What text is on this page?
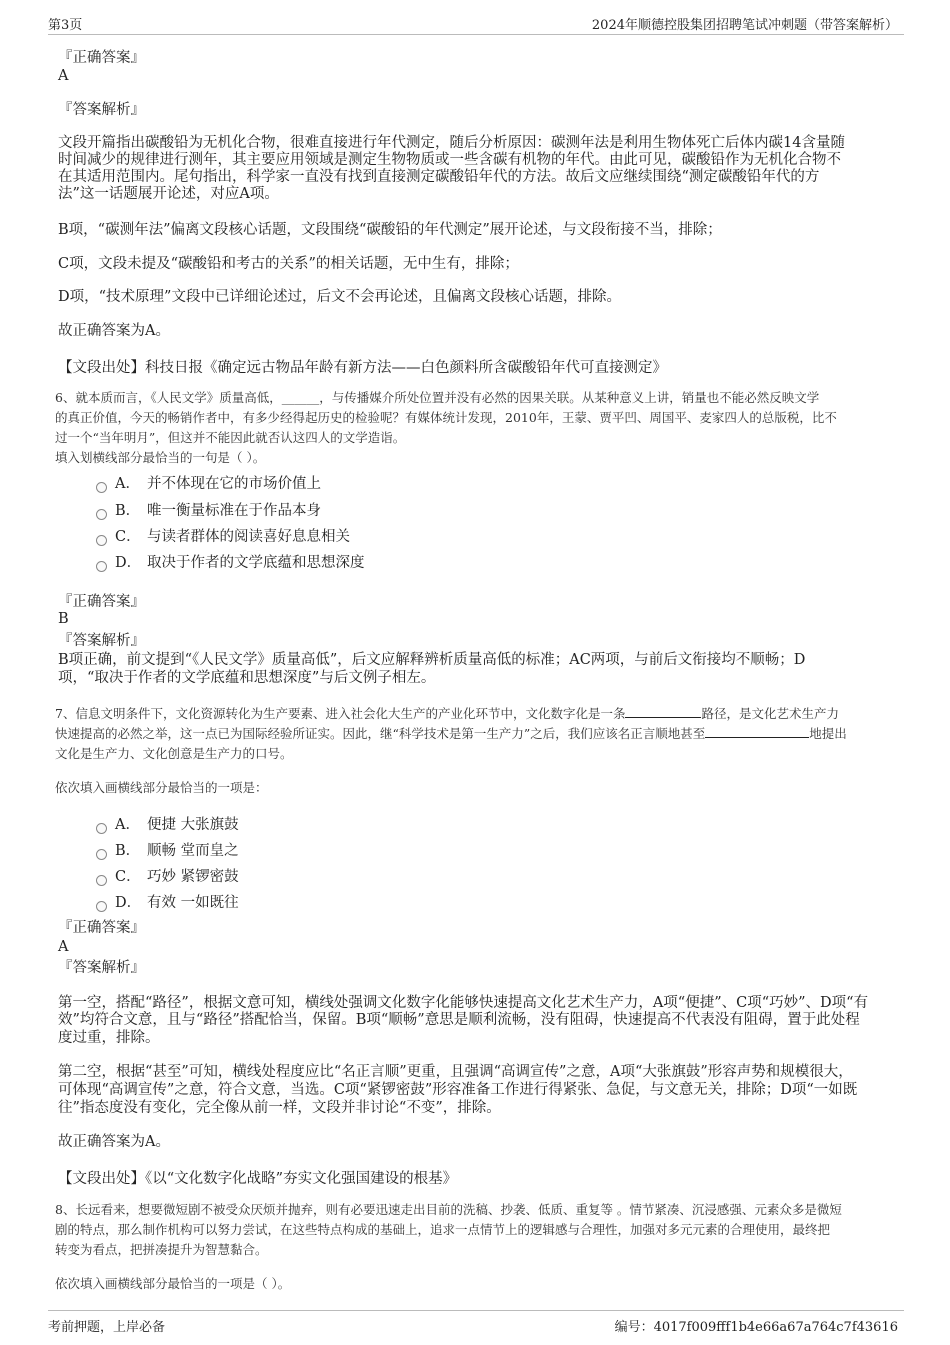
第3页	2024年顺德控股集团招聘笔试冲刺题（带答案解析）
『正确答案』
A
『答案解析』
文段开篇指出碳酸铅为无机化合物，很难直接进行年代测定，随后分析原因：碳测年法是利用生物体死亡后体内碳14含量随
时间减少的规律进行测年，其主要应用领域是测定生物物质或一些含碳有机物的年代。由此可见，碳酸铅作为无机化合物不
在其适用范围内。尾句指出，科学家一直没有找到直接测定碳酸铅年代的方法。故后文应继续围绕“测定碳酸铅年代的方
法”这一话题展开论述，对应A项。
B项，“碳测年法”偏离文段核心话题，文段围绕“碳酸铅的年代测定”展开论述，与文段衔接不当，排除；
C项，文段未提及“碳酸铅和考古的关系”的相关话题，无中生有，排除；
D项，“技术原理”文段中已详细论述过，后文不会再论述，且偏离文段核心话题，排除。
故正确答案为A。
【文段出处】科技日报《确定远古物品年龄有新方法——白色颜料所含碳酸铅年代可直接测定》
6、就本质而言，《人民文学》质量高低，______，与传播媒介所处位置并没有必然的因果关联。从某种意义上讲，销量也不能必然反映文学
的真正价值，今天的畅销作者中，有多少经得起历史的检验呢？有媒体统计发现，2010年，王蒙、贾平凹、周国平、麦家四人的总版税，比不
过一个“当年明月”，但这并不能因此就否认这四人的文学造诣。
填入划横线部分最恰当的一句是（ ）。
A． 并不体现在它的市场价值上
B． 唯一衡量标准在于作品本身
C． 与读者群体的阅读喜好息息相关
D． 取决于作者的文学底蕴和思想深度
『正确答案』
B
『答案解析』
B项正确，前文提到“《人民文学》质量高低”，后文应解释辨析质量高低的标准；AC两项，与前后文衔接均不顺畅；D
项，“取决于作者的文学底蕴和思想深度”与后文例子相左。
7、信息文明条件下，文化资源转化为生产要素、进入社会化大生产的产业化环节中，文化数字化是一条	路径，是文化艺术生产力
快速提高的必然之举，这一点已为国际经验所证实。因此，继“科学技术是第一生产力”之后，我们应该名正言顺地甚至	地提出
文化是生产力、文化创意是生产力的口号。
依次填入画横线部分最恰当的一项是：
A． 便捷 大张旗鼓
B． 顺畅 堂而皇之
C． 巧妙 紧锣密鼓
D． 有效 一如既往
『正确答案』
A
『答案解析』
第一空，搭配“路径”，根据文意可知，横线处强调文化数字化能够快速提高文化艺术生产力，A项“便捷”、C项“巧妙”、D项“有
效”均符合文意，且与“路径”搭配恰当，保留。B项“顺畅”意思是顺利流畅，没有阻碍，快速提高不代表没有阻碍，置于此处程
度过重，排除。
第二空，根据“甚至”可知，横线处程度应比“名正言顺”更重，且强调“高调宣传”之意，A项“大张旗鼓”形容声势和规模很大，
可体现“高调宣传”之意，符合文意，当选。C项“紧锣密鼓”形容准备工作进行得紧张、急促，与文意无关，排除；D项“一如既
往”指态度没有变化，完全像从前一样，文段并非讨论“不变”，排除。
故正确答案为A。
【文段出处】《以“文化数字化战略”夯实文化强国建设的根基》
8、长远看来，想要微短剧不被受众厌烦并抛弃，则有必要迅速走出目前的洗稿、抄袭、低质、重复等 。情节紧凑、沉浸感强、元素众多是微短
剧的特点，那么制作机构可以努力尝试，在这些特点构成的基础上，追求一点情节上的逻辑感与合理性，加强对多元元素的合理使用，最终把
转变为看点，把拼凑提升为智慧黏合。
依次填入画横线部分最恰当的一项是（ ）。
考前押题，上岸必备	编号：4017f009fff1b4e66a67a764c7f43616
